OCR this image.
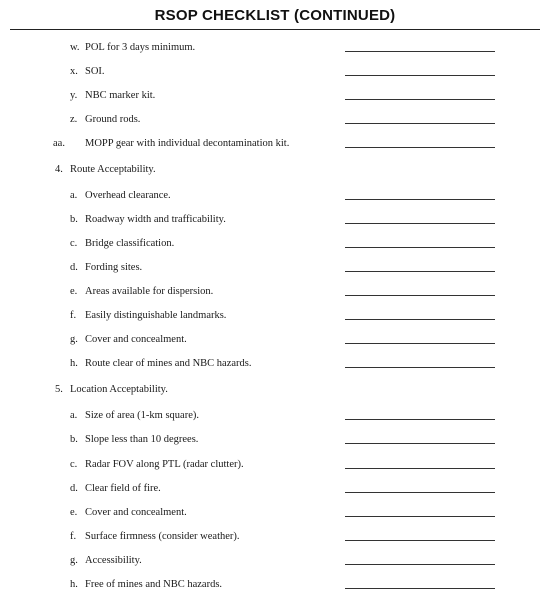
RSOP CHECKLIST (CONTINUED)
w. POL for 3 days minimum.
x. SOI.
y. NBC marker kit.
z. Ground rods.
aa. MOPP gear with individual decontamination kit.
4. Route Acceptability.
a. Overhead clearance.
b. Roadway width and trafficability.
c. Bridge classification.
d. Fording sites.
e. Areas available for dispersion.
f. Easily distinguishable landmarks.
g. Cover and concealment.
h. Route clear of mines and NBC hazards.
5. Location Acceptability.
a. Size of area (1-km square).
b. Slope less than 10 degrees.
c. Radar FOV along PTL (radar clutter).
d. Clear field of fire.
e. Cover and concealment.
f. Surface firmness (consider weather).
g. Accessibility.
h. Free of mines and NBC hazards.
